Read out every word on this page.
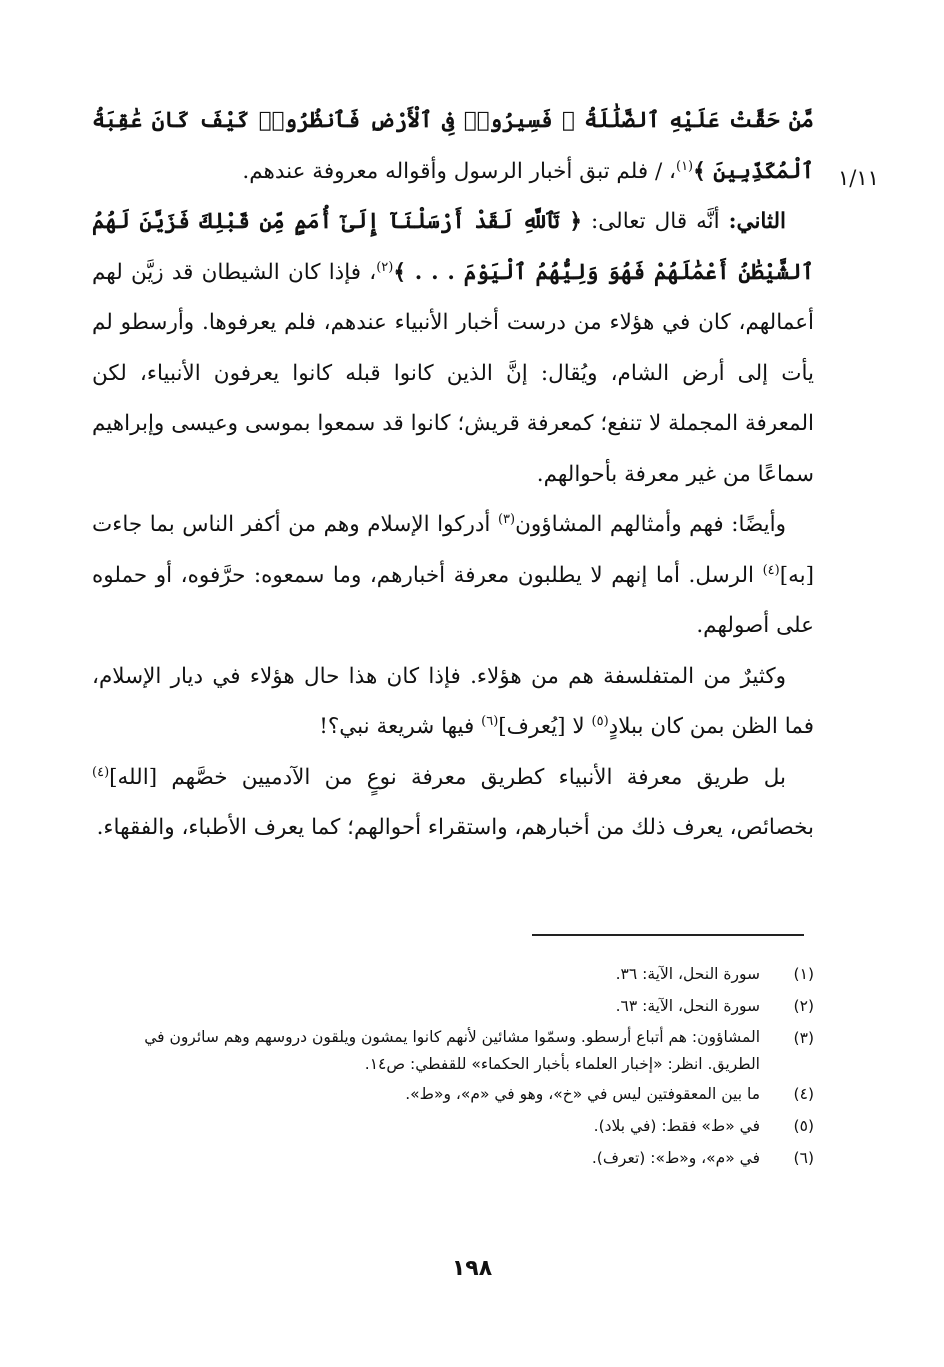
١/١١

مَّنْ حَقَّتْ عَلَيْهِ ٱلضَّلَٰلَةُ ۚ فَسِيرُوا۟ فِى ٱلْأَرْضِ فَٱنظُرُوا۟ كَيْفَ كَانَ عَٰقِبَةُ ٱلْمُكَذِّبِينَ ﴾$^{(١)}$، / فلم تبق أخبار الرسول وأقواله معروفة عندهم.

الثاني: أنَّه قال تعالى: ﴿ تَٱللَّهِ لَقَدْ أَرْسَلْنَآ إِلَىٰٓ أُمَمٍ مِّن قَبْلِكَ فَزَيَّنَ لَهُمُ ٱلشَّيْطَٰنُ أَعْمَٰلَهُمْ فَهُوَ وَلِيُّهُمُ ٱلْيَوْمَ . . . ﴾$^{(٢)}$، فإذا كان الشيطان قد زيَّن لهم أعمالهم، كان في هؤلاء من درست أخبار الأنبياء عندهم، فلم يعرفوها. وأرسطو لم يأت إلى أرض الشام، ويُقال: إنَّ الذين كانوا قبله كانوا يعرفون الأنبياء، لكن المعرفة المجملة لا تنفع؛ كمعرفة قريش؛ كانوا قد سمعوا بموسى وعيسى وإبراهيم سماعًا من غير معرفة بأحوالهم.

وأيضًا: فهم وأمثالهم المشاؤون$^{(٣)}$ أدركوا الإسلام وهم من أكفر الناس بما جاءت [به]$^{(٤)}$ الرسل. أما إنهم لا يطلبون معرفة أخبارهم، وما سمعوه: حرَّفوه، أو حملوه على أصولهم.

وكثيرٌ من المتفلسفة هم من هؤلاء. فإذا كان هذا حال هؤلاء في ديار الإسلام، فما الظن بمن كان ببلادٍ$^{(٥)}$ لا [يُعرف]$^{(٦)}$ فيها شريعة نبي؟!

بل طريق معرفة الأنبياء كطريق معرفة نوعٍ من الآدميين خصَّهم [الله]$^{(٤)}$ بخصائص، يعرف ذلك من أخبارهم، واستقراء أحوالهم؛ كما يعرف الأطباء، والفقهاء.

(١)
سورة النحل، الآية: ٣٦.
(٢)
سورة النحل، الآية: ٦٣.
(٣)
المشاؤون: هم أتباع أرسطو. وسمّوا مشائين لأنهم كانوا يمشون ويلقون دروسهم وهم سائرون في الطريق. انظر: «إخبار العلماء بأخبار الحكماء» للقفطي: ص١٤.
(٤)
ما بين المعقوفتين ليس في «خ»، وهو في «م»، و«ط».
(٥)
في «ط» فقط: (في بلاد).
(٦)
في «م»، و«ط»: (تعرف).
١٩٨
